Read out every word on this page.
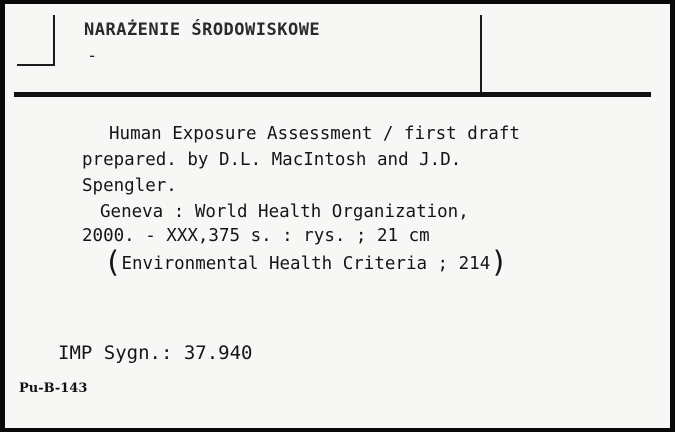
NARAŻENIE ŚRODOWISKOWE
-
Human Exposure Assessment / first draft
prepared. by D.L. MacIntosh and J.D.
Spengler.
Geneva : World Health Organization,
2000. - XXX,375 s. : rys. ; 21 cm
(Environmental Health Criteria ; 214)
IMP Sygn.: 37.940
Pu-B-143
